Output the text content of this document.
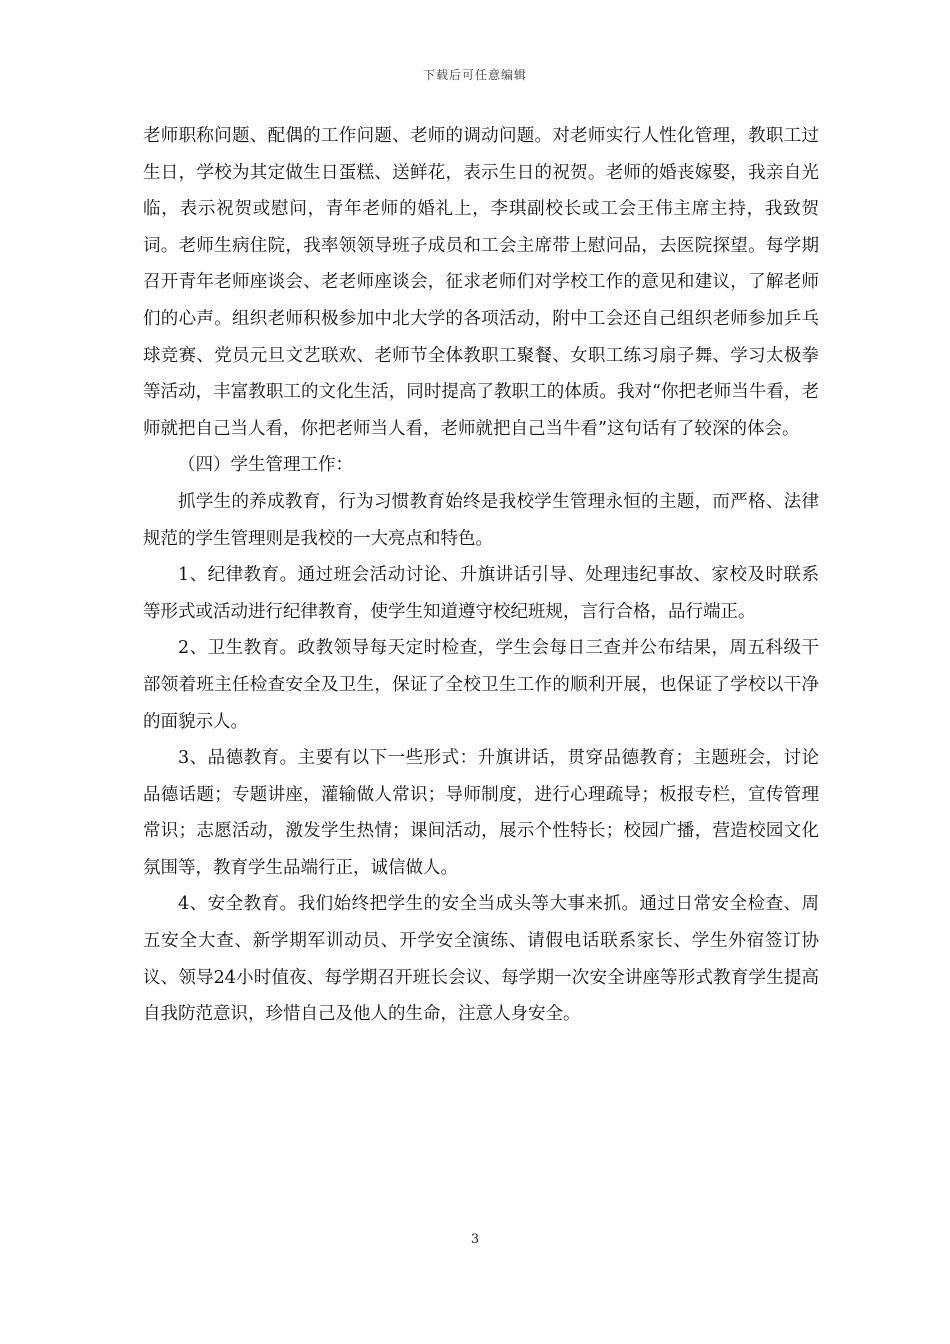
下载后可任意编辑

老师职称问题、配偶的工作问题、老师的调动问题。对老师实行人性化管理，教职工过生日，学校为其定做生日蛋糕、送鲜花，表示生日的祝贺。老师的婚丧嫁娶，我亲自光临，表示祝贺或慰问，青年老师的婚礼上，李琪副校长或工会王伟主席主持，我致贺词。老师生病住院，我率领领导班子成员和工会主席带上慰问品，去医院探望。每学期召开青年老师座谈会、老老师座谈会，征求老师们对学校工作的意见和建议，了解老师们的心声。组织老师积极参加中北大学的各项活动，附中工会还自己组织老师参加乒乓球竞赛、党员元旦文艺联欢、老师节全体教职工聚餐、女职工练习扇子舞、学习太极拳等活动，丰富教职工的文化生活，同时提高了教职工的体质。我对“你把老师当牛看，老师就把自己当人看，你把老师当人看，老师就把自己当牛看”这句话有了较深的体会。

（四）学生管理工作：

抓学生的养成教育，行为习惯教育始终是我校学生管理永恒的主题，而严格、法律规范的学生管理则是我校的一大亮点和特色。

1、纪律教育。通过班会活动讨论、升旗讲话引导、处理违纪事故、家校及时联系等形式或活动进行纪律教育，使学生知道遵守校纪班规，言行合格，品行端正。

2、卫生教育。政教领导每天定时检查，学生会每日三查并公布结果，周五科级干部领着班主任检查安全及卫生，保证了全校卫生工作的顺利开展，也保证了学校以干净的面貌示人。

3、品德教育。主要有以下一些形式：升旗讲话，贯穿品德教育；主题班会，讨论品德话题；专题讲座，灌输做人常识；导师制度，进行心理疏导；板报专栏，宣传管理常识；志愿活动，激发学生热情；课间活动，展示个性特长；校园广播，营造校园文化氛围等，教育学生品端行正，诚信做人。

4、安全教育。我们始终把学生的安全当成头等大事来抓。通过日常安全检查、周五安全大查、新学期军训动员、开学安全演练、请假电话联系家长、学生外宿签订协议、领导24小时值夜、每学期召开班长会议、每学期一次安全讲座等形式教育学生提高自我防范意识，珍惜自己及他人的生命，注意人身安全。

3
